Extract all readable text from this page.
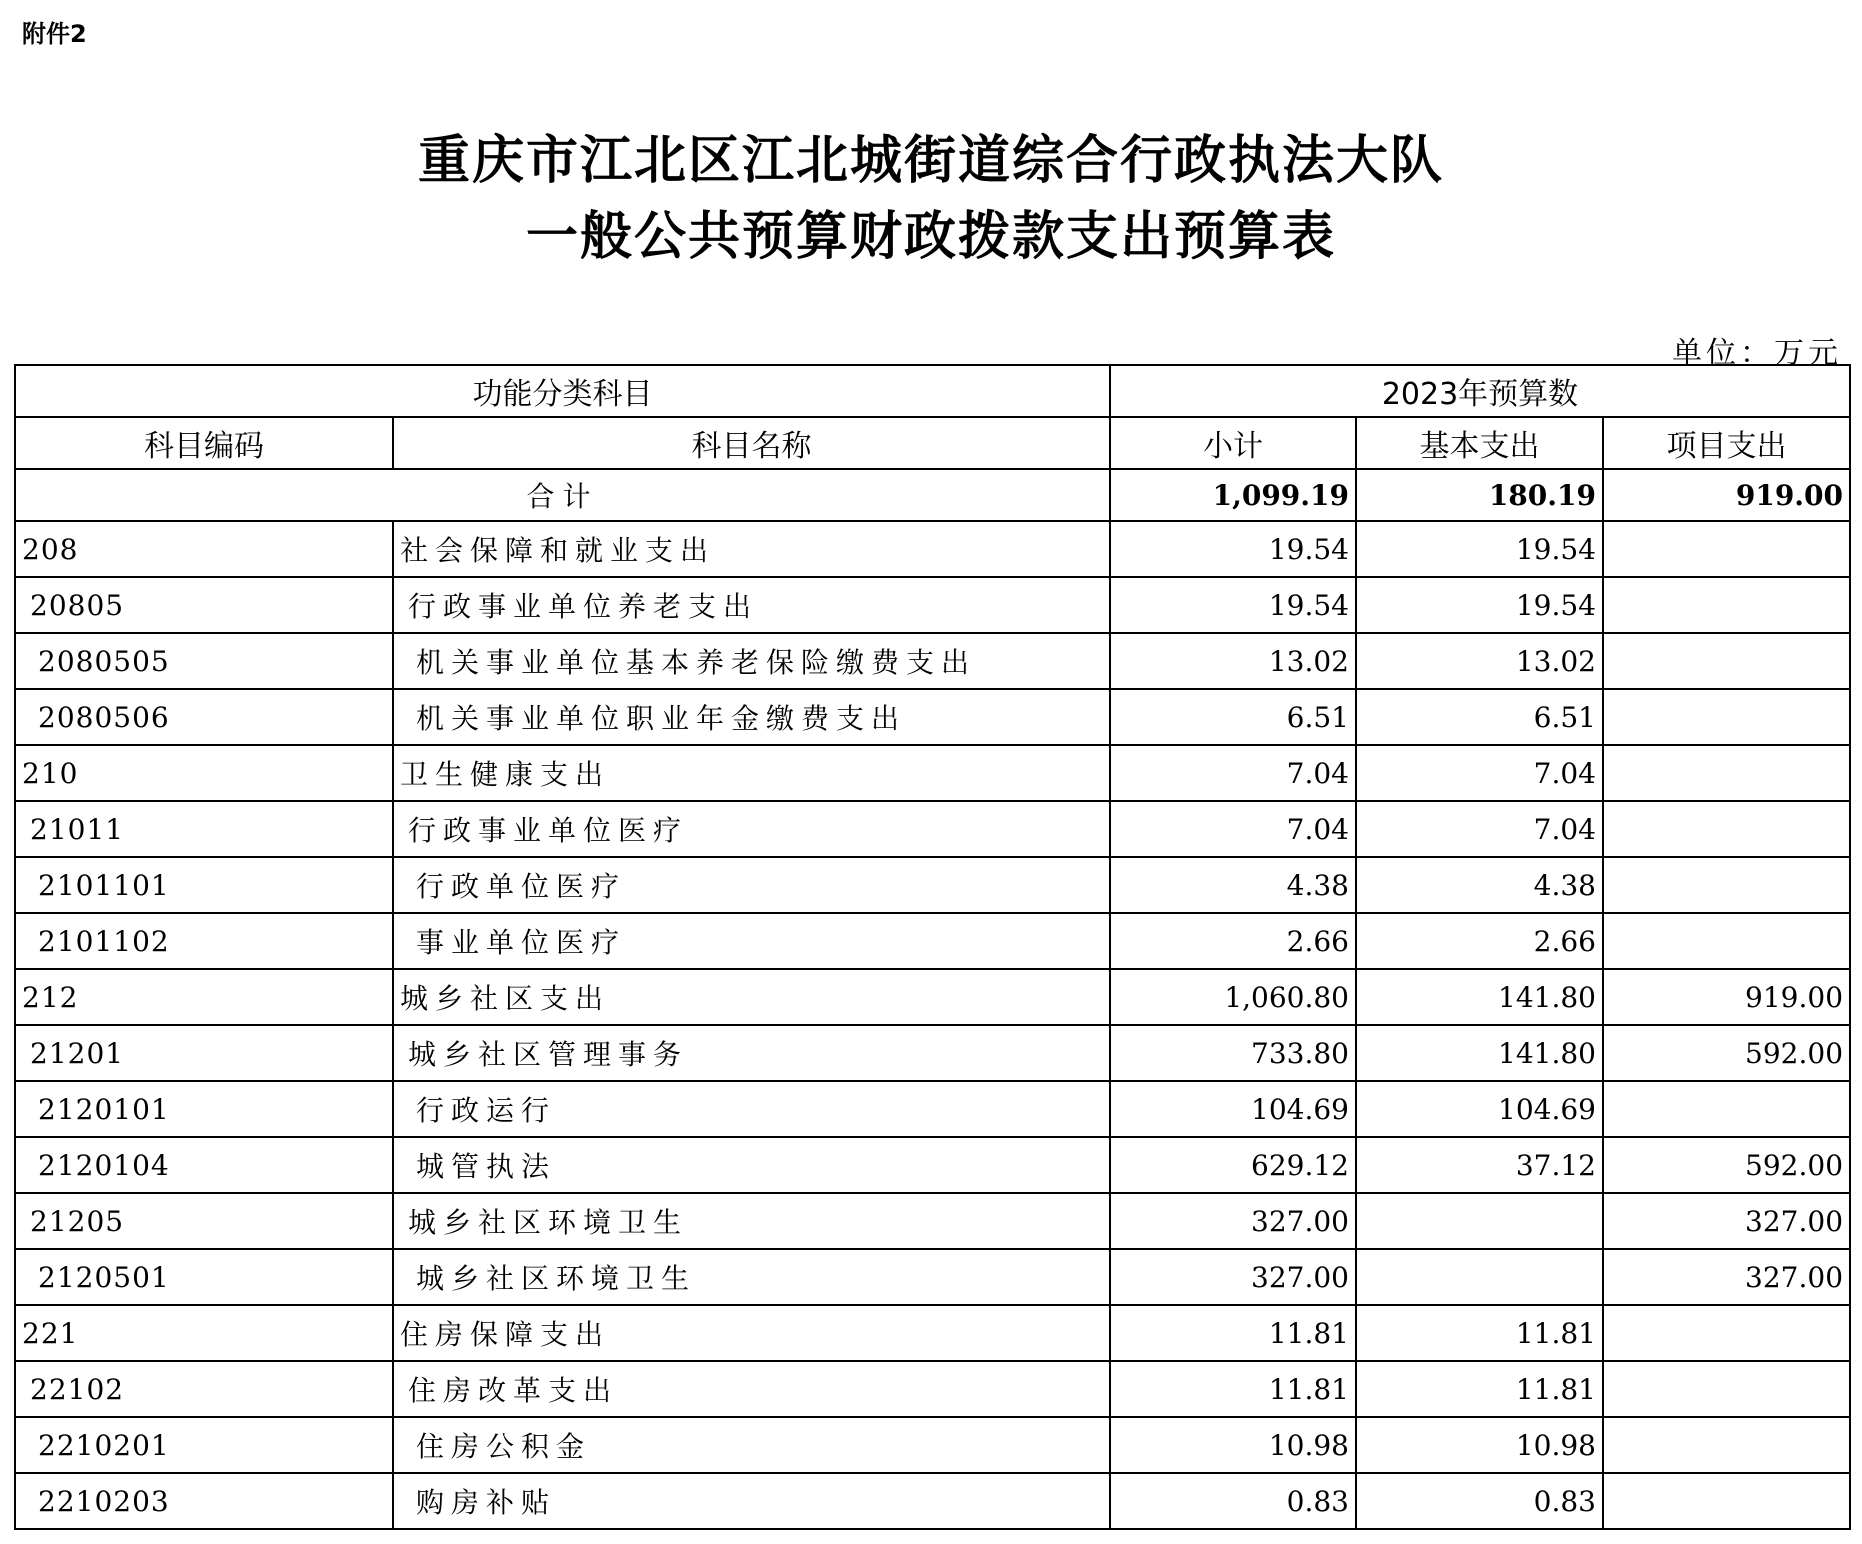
附件2
重庆市江北区江北城街道综合行政执法大队
一般公共预算财政拨款支出预算表
单位：万元
功能分类科目		2023年预算数		
科目编码	科目名称	小计	基本支出	项目支出
合计		1,099.19	180.19	919.00
208	社会保障和就业支出	19.54	19.54	
20805	行政事业单位养老支出	19.54	19.54	
2080505	机关事业单位基本养老保险缴费支出	13.02	13.02	
2080506	机关事业单位职业年金缴费支出	6.51	6.51	
210	卫生健康支出	7.04	7.04	
21011	行政事业单位医疗	7.04	7.04	
2101101	行政单位医疗	4.38	4.38	
2101102	事业单位医疗	2.66	2.66	
212	城乡社区支出	1,060.80	141.80	919.00
21201	城乡社区管理事务	733.80	141.80	592.00
2120101	行政运行	104.69	104.69	
2120104	城管执法	629.12	37.12	592.00
21205	城乡社区环境卫生	327.00		327.00
2120501	城乡社区环境卫生	327.00		327.00
221	住房保障支出	11.81	11.81	
22102	住房改革支出	11.81	11.81	
2210201	住房公积金	10.98	10.98	
2210203	购房补贴	0.83	0.83	
